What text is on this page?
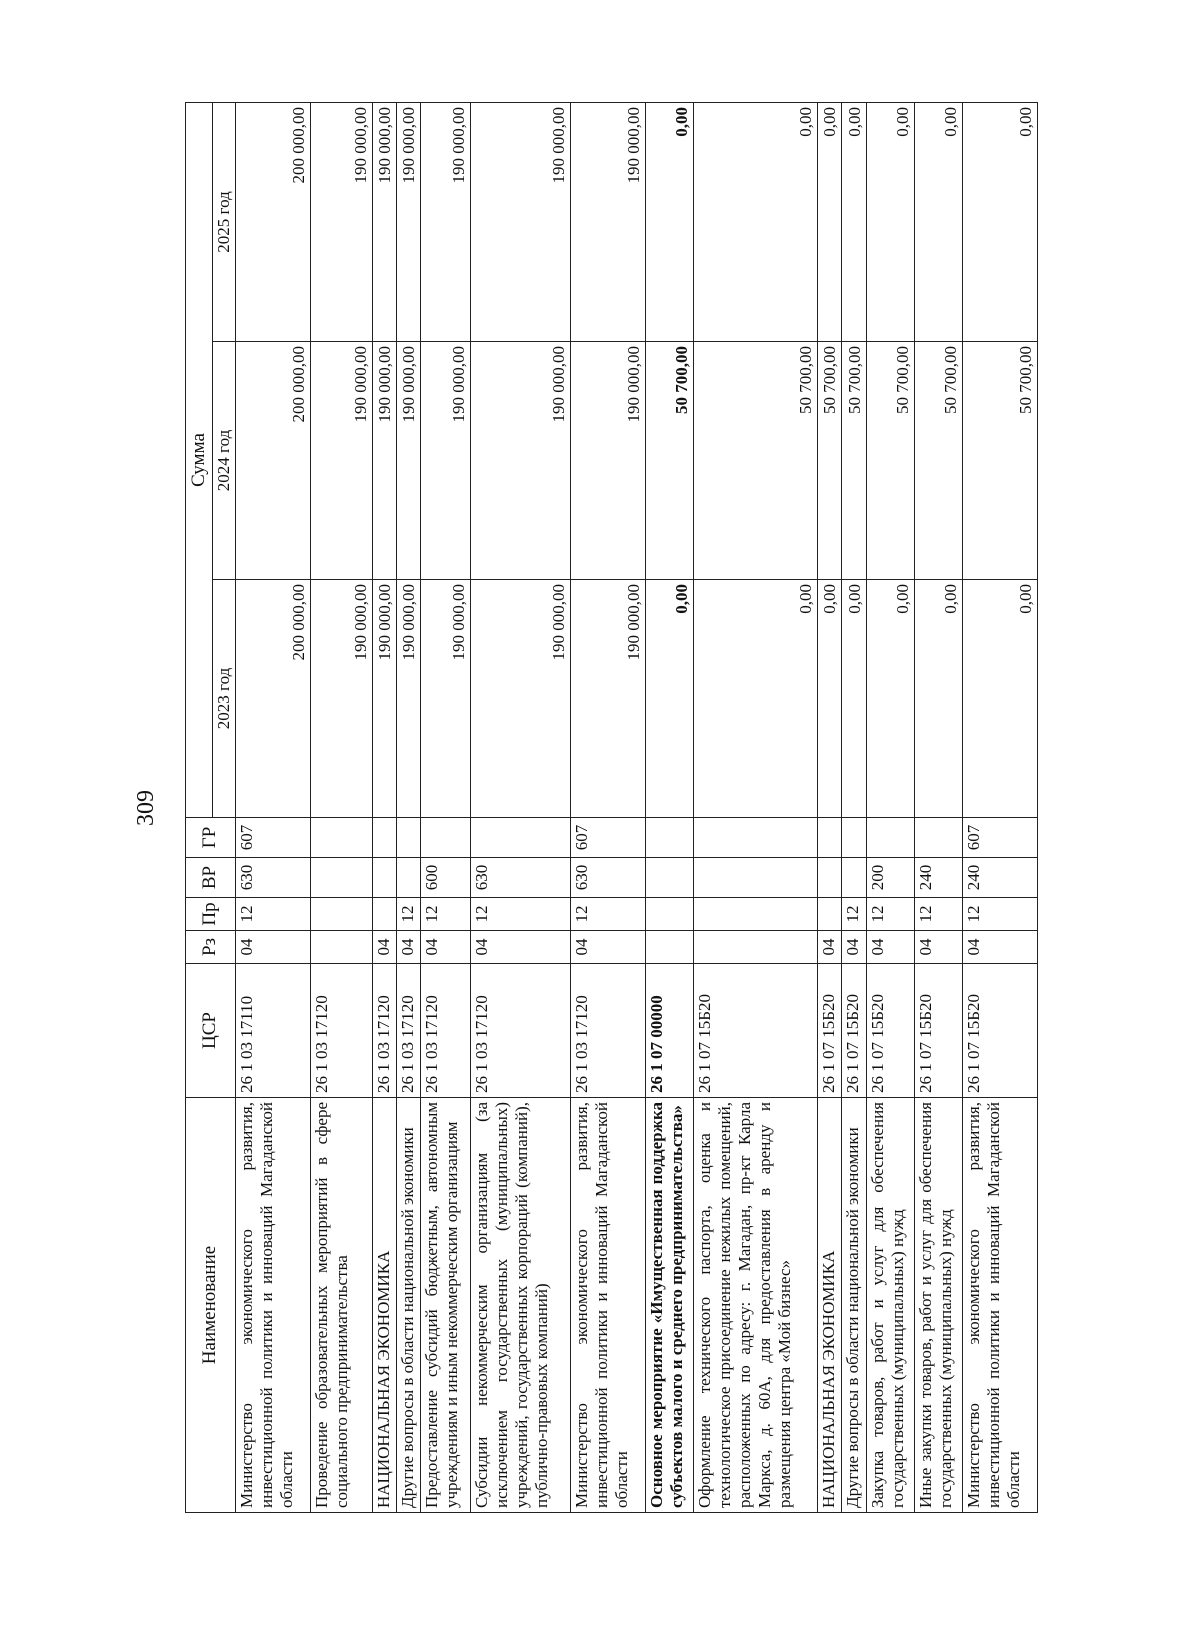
309
Наименование	ЦСР	Рз	Пр	ВР	ГР	Сумма		
						2023 год	2024 год	2025 год
Министерство экономического развития, инвестиционной политики и инноваций Магаданской области	26 1 03 17110	04	12	630	607	200 000,00	200 000,00	200 000,00
Проведение образовательных мероприятий в сфере социального предпринимательства	26 1 03 17120					190 000,00	190 000,00	190 000,00
НАЦИОНАЛЬНАЯ ЭКОНОМИКА	26 1 03 17120	04				190 000,00	190 000,00	190 000,00
Другие вопросы в области национальной экономики	26 1 03 17120	04	12			190 000,00	190 000,00	190 000,00
Предоставление субсидий бюджетным, автономным учреждениям и иным некоммерческим организациям	26 1 03 17120	04	12	600		190 000,00	190 000,00	190 000,00
Субсидии некоммерческим организациям (за исключением государственных (муниципальных) учреждений, государственных корпораций (компаний), публично-правовых компаний)	26 1 03 17120	04	12	630		190 000,00	190 000,00	190 000,00
Министерство экономического развития, инвестиционной политики и инноваций Магаданской области	26 1 03 17120	04	12	630	607	190 000,00	190 000,00	190 000,00
Основное мероприятие «Имущественная поддержка субъектов малого и среднего предпринимательства»	26 1 07 00000					0,00	50 700,00	0,00
Оформление технического паспорта, оценка и технологическое присоединение нежилых помещений, расположенных по адресу: г. Магадан, пр-кт Карла Маркса, д. 60А, для предоставления в аренду и размещения центра «Мой бизнес»	26 1 07 15Б20					0,00	50 700,00	0,00
НАЦИОНАЛЬНАЯ ЭКОНОМИКА	26 1 07 15Б20	04				0,00	50 700,00	0,00
Другие вопросы в области национальной экономики	26 1 07 15Б20	04	12			0,00	50 700,00	0,00
Закупка товаров, работ и услуг для обеспечения государственных (муниципальных) нужд	26 1 07 15Б20	04	12	200		0,00	50 700,00	0,00
Иные закупки товаров, работ и услуг для обеспечения государственных (муниципальных) нужд	26 1 07 15Б20	04	12	240		0,00	50 700,00	0,00
Министерство экономического развития, инвестиционной политики и инноваций Магаданской области	26 1 07 15Б20	04	12	240	607	0,00	50 700,00	0,00
